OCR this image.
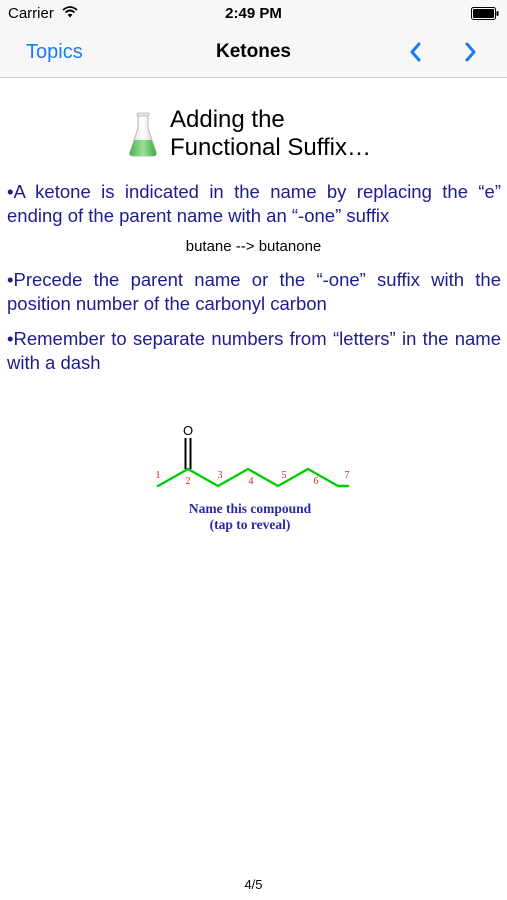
Carrier	2:49 PM
Topics	Ketones
Adding the
Functional Suffix…
•A ketone is indicated in the name by replacing the “e” ending of the parent name with an “-one” suffix
butane --> butanone
•Precede the parent name or the “-one” suffix with the position number of the carbonyl carbon
•Remember to separate numbers from “letters” in the name with a dash
O
1
2
3
4
5
6
7
Name this compound
(tap to reveal)
4/5
